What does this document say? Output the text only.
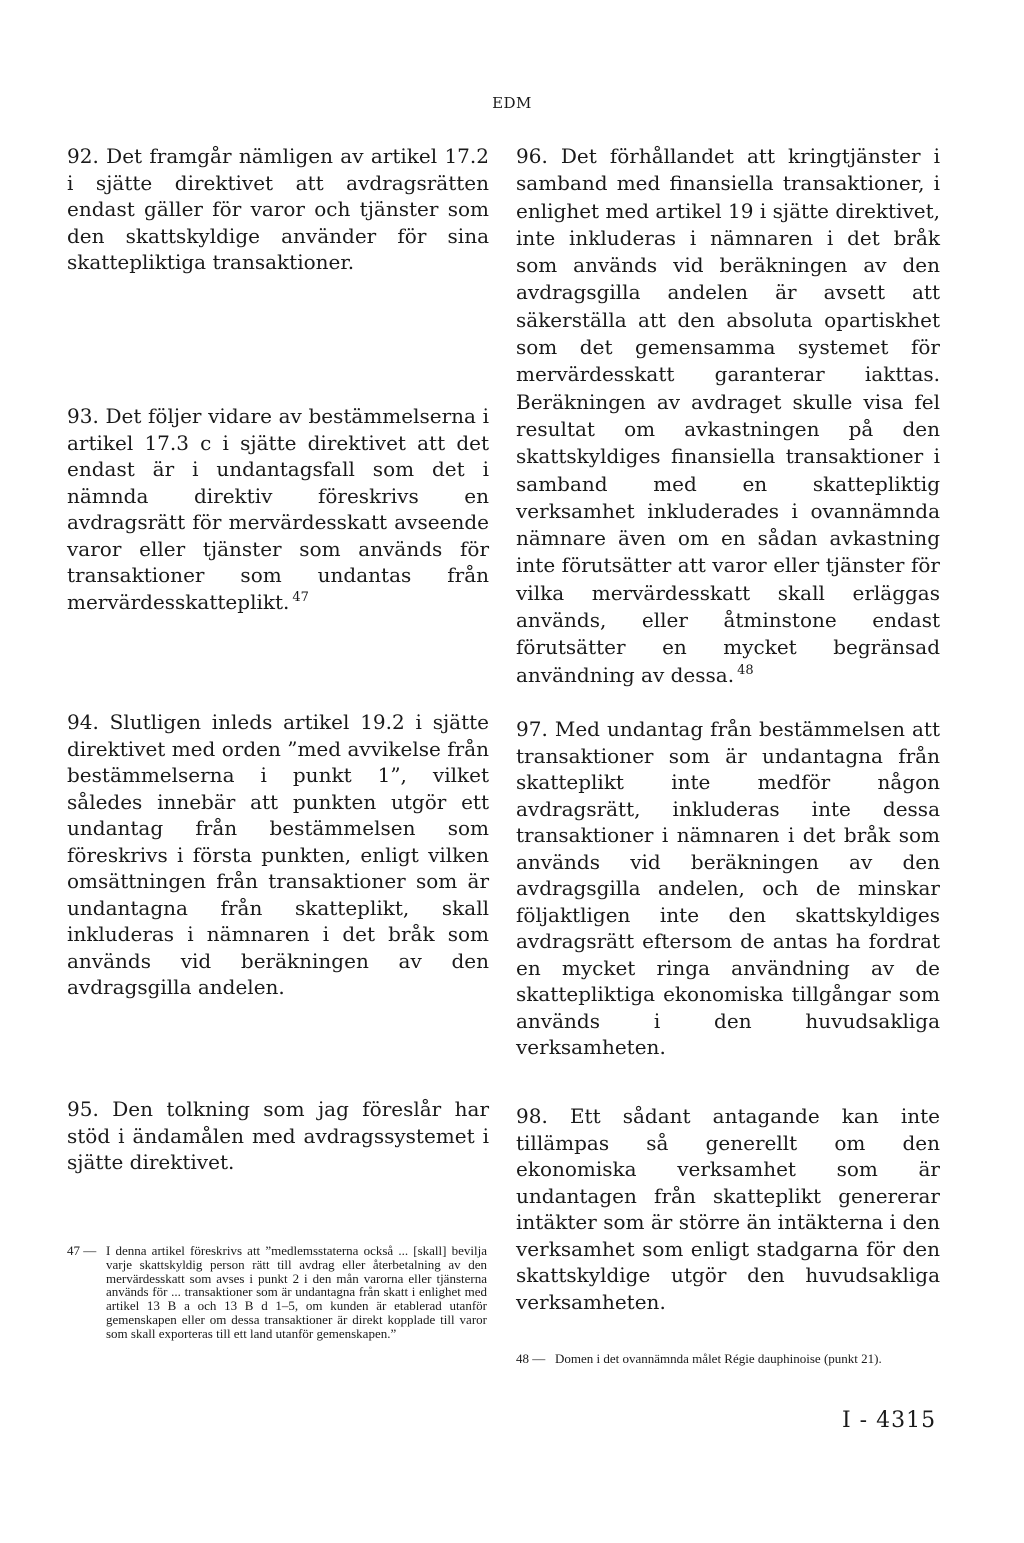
EDM

92. Det framgår nämligen av artikel 17.2 i sjätte direktivet att avdragsrätten endast gäller för varor och tjänster som den skattskyldige använder för sina skattepliktiga transaktioner.

93. Det följer vidare av bestämmelserna i artikel 17.3 c i sjätte direktivet att det endast är i undantagsfall som det i nämnda direktiv föreskrivs en avdragsrätt för mervärdesskatt avseende varor eller tjänster som används för transaktioner som undantas från mervärdesskatteplikt. $^{47}$

94. Slutligen inleds artikel 19.2 i sjätte direktivet med orden ”med avvikelse från bestämmelserna i punkt 1”, vilket således innebär att punkten utgör ett undantag från bestämmelsen som föreskrivs i första punkten, enligt vilken omsättningen från transaktioner som är undantagna från skatteplikt, skall inkluderas i nämnaren i det bråk som används vid beräkningen av den avdragsgilla andelen.

95. Den tolkning som jag föreslår har stöd i ändamålen med avdragssystemet i sjätte direktivet.

47 — I denna artikel föreskrivs att ”medlemsstaterna också ... [skall] bevilja varje skattskyldig person rätt till avdrag eller återbetalning av den mervärdesskatt som avses i punkt 2 i den mån varorna eller tjänsterna används för ... transaktioner som är undantagna från skatt i enlighet med artikel 13 B a och 13 B d 1–5, om kunden är etablerad utanför gemenskapen eller om dessa transaktioner är direkt kopplade till varor som skall exporteras till ett land utanför gemenskapen.”

96. Det förhållandet att kringtjänster i samband med finansiella transaktioner, i enlighet med artikel 19 i sjätte direktivet, inte inkluderas i nämnaren i det bråk som används vid beräkningen av den avdragsgilla andelen är avsett att säkerställa att den absoluta opartiskhet som det gemensamma systemet för mervärdesskatt garanterar iakttas. Beräkningen av avdraget skulle visa fel resultat om avkastningen på den skattskyldiges finansiella transaktioner i samband med en skattepliktig verksamhet inkluderades i ovannämnda nämnare även om en sådan avkastning inte förutsätter att varor eller tjänster för vilka mervärdesskatt skall erläggas används, eller åtminstone endast förutsätter en mycket begränsad användning av dessa. $^{48}$

97. Med undantag från bestämmelsen att transaktioner som är undantagna från skatteplikt inte medför någon avdragsrätt, inkluderas inte dessa transaktioner i nämnaren i det bråk som används vid beräkningen av den avdragsgilla andelen, och de minskar följaktligen inte den skattskyldiges avdragsrätt eftersom de antas ha fordrat en mycket ringa användning av de skattepliktiga ekonomiska tillgångar som används i den huvudsakliga verksamheten.

98. Ett sådant antagande kan inte tillämpas så generellt om den ekonomiska verksamhet som är undantagen från skatteplikt genererar intäkter som är större än intäkterna i den verksamhet som enligt stadgarna för den skattskyldige utgör den huvudsakliga verksamheten.

48 — Domen i det ovannämnda målet Régie dauphinoise (punkt 21).
I - 4315
